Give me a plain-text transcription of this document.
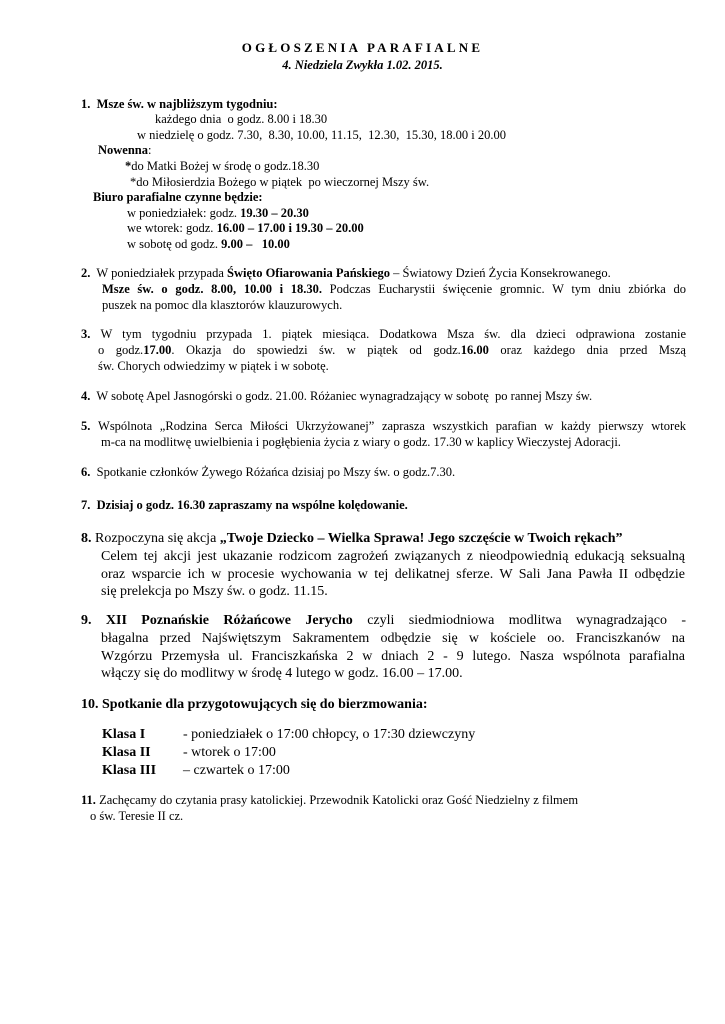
OGŁOSZENIA PARAFIALNE
4. Niedziela Zwykła 1.02. 2015.
1. Msze św. w najbliższym tygodniu:
każdego dnia  o godz. 8.00 i 18.30
w niedzielę o godz. 7.30,  8.30, 10.00, 11.15,  12.30,  15.30, 18.00 i 20.00
Nowenna:
*do Matki Bożej w środę o godz.18.30
*do Miłosierdzia Bożego w piątek  po wieczornej Mszy św.
Biuro parafialne czynne będzie:
w poniedziałek: godz. 19.30 – 20.30
we wtorek: godz. 16.00 – 17.00 i 19.30 – 20.00
w sobotę od godz. 9.00 –   10.00
2. W poniedziałek przypada Święto Ofiarowania Pańskiego – Światowy Dzień Życia Konsekrowanego.
Msze św. o godz. 8.00, 10.00 i 18.30. Podczas Eucharystii święcenie gromnic. W tym dniu zbiórka do
puszek na pomoc dla klasztorów klauzurowych.
3. W tym tygodniu przypada 1. piątek miesiąca. Dodatkowa Msza św. dla dzieci odprawiona zostanie
o godz.17.00. Okazja do spowiedzi św. w piątek od godz.16.00 oraz każdego dnia przed Mszą
św. Chorych odwiedzimy w piątek i w sobotę.
4. W sobotę Apel Jasnogórski o godz. 21.00. Różaniec wynagradzający w sobotę  po rannej Mszy św.
5. Wspólnota „Rodzina Serca Miłości Ukrzyżowanej” zaprasza wszystkich parafian w każdy pierwszy wtorek
m-ca na modlitwę uwielbienia i pogłębienia życia z wiary o godz. 17.30 w kaplicy Wieczystej Adoracji.
6. Spotkanie członków Żywego Różańca dzisiaj po Mszy św. o godz.7.30.
7. Dzisiaj o godz. 16.30 zapraszamy na wspólne kolędowanie.
8. Rozpoczyna się akcja „Twoje Dziecko – Wielka Sprawa! Jego szczęście w Twoich rękach”
Celem tej akcji jest ukazanie rodzicom zagrożeń związanych z nieodpowiednią edukacją seksualną
oraz wsparcie ich w procesie wychowania w tej delikatnej sferze. W Sali Jana Pawła II odbędzie
się prelekcja po Mszy św. o godz. 11.15.
9. XII Poznańskie Różańcowe Jerycho czyli siedmiodniowa modlitwa wynagradzająco -
błagalna przed Najświętszym Sakramentem odbędzie się w kościele oo. Franciszkanów na
Wzgórzu Przemysła ul. Franciszkańska 2 w dniach 2 - 9 lutego. Nasza wspólnota parafialna
włączy się do modlitwy w środę 4 lutego w godz. 16.00 – 17.00.
10. Spotkanie dla przygotowujących się do bierzmowania:
Klasa I	- poniedziałek o 17:00 chłopcy, o 17:30 dziewczyny
Klasa II - wtorek o 17:00
Klasa III – czwartek o 17:00
11. Zachęcamy do czytania prasy katolickiej. Przewodnik Katolicki oraz Gość Niedzielny z filmem
o św. Teresie II cz.
